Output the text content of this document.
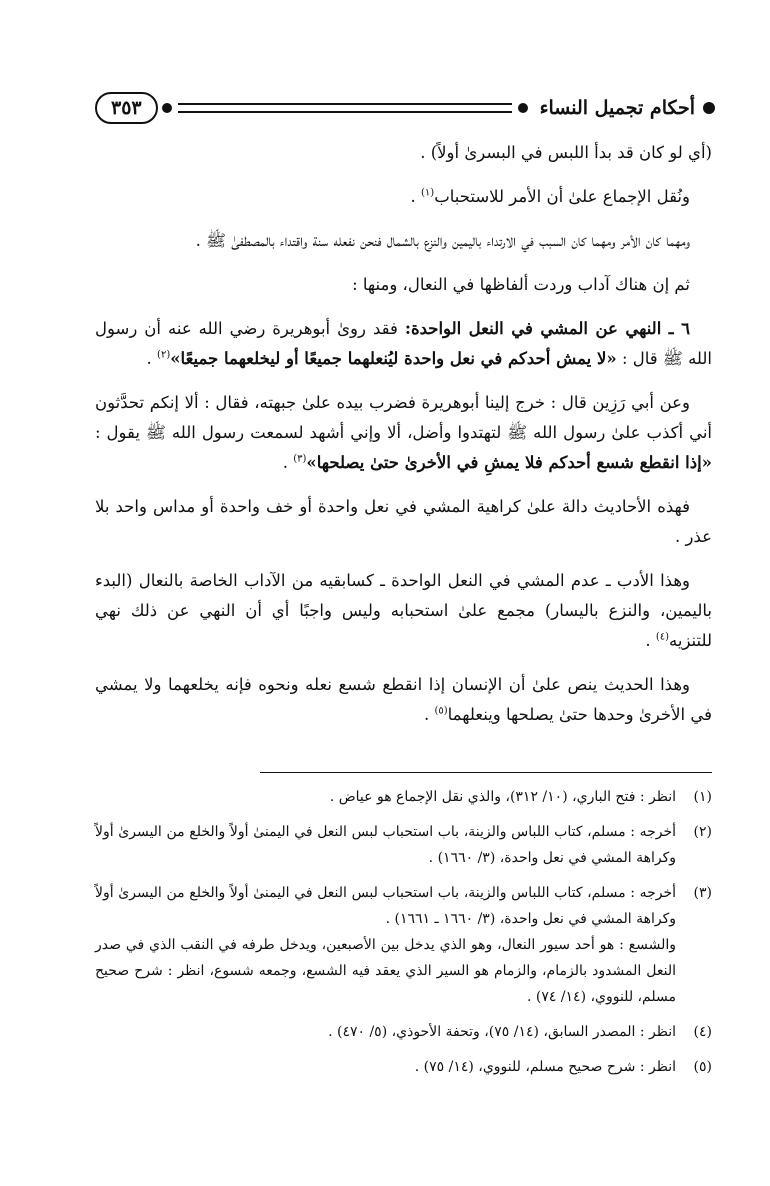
أحكام تجميل النساء
٣٥٣

(أي لو كان قد بدأ اللبس في البسرىٰ أولاً) .

ونُقل الإجماع علىٰ أن الأمر للاستحباب$^{(١)}$ .

ومهما كان الأمر ومهما كان السبب في الارتداء باليمين والنزع بالشمال فنحن نفعله سنة واقتداء بالمصطفىٰ ﷺ .

ثم إن هناك آداب وردت ألفاظها في النعال، ومنها :

٦ ـ النهي عن المشي في النعل الواحدة: فقد روىٰ أبوهريرة رضي الله عنه أن رسول الله ﷺ قال : «لا يمش أحدكم في نعل واحدة ليُنعلهما جميعًا أو ليخلعهما جميعًا»$^{(٢)}$ .

وعن أبي رَزِين قال : خرج إلينا أبوهريرة فضرب بيده علىٰ جبهته، فقال : ألا إنكم تحدَّثون أني أكذب علىٰ رسول الله ﷺ لتهتدوا وأضل، ألا وإني أشهد لسمعت رسول الله ﷺ يقول : «إذا انقطع شسع أحدكم فلا يمشِ في الأخرىٰ حتىٰ يصلحها»$^{(٣)}$ .

فهذه الأحاديث دالة علىٰ كراهية المشي في نعل واحدة أو خف واحدة أو مداس واحد بلا عذر .

وهذا الأدب ـ عدم المشي في النعل الواحدة ـ كسابقيه من الآداب الخاصة بالنعال (البدء باليمين، والنزع باليسار) مجمع علىٰ استحبابه وليس واجبًا أي أن النهي عن ذلك نهي للتنزيه$^{(٤)}$ .

وهذا الحديث ينص علىٰ أن الإنسان إذا انقطع شسع نعله ونحوه فإنه يخلعهما ولا يمشي في الأخرىٰ وحدها حتىٰ يصلحها وينعلهما$^{(٥)}$ .

(١)
انظر : فتح الباري، (١٠/ ٣١٢)، والذي نقل الإجماع هو عياض .
(٢)
أخرجه : مسلم، كتاب اللباس والزينة، باب استحباب لبس النعل في اليمنىٰ أولاً والخلع من اليسرىٰ أولاً وكراهة المشي في نعل واحدة، (٣/ ١٦٦٠) .
(٣)
أخرجه : مسلم، كتاب اللباس والزينة، باب استحباب لبس النعل في اليمنىٰ أولاً والخلع من اليسرىٰ أولاً وكراهة المشي في نعل واحدة، (٣/ ١٦٦٠ ـ ١٦٦١) .
والشسع : هو أحد سيور النعال، وهو الذي يدخل بين الأصبعين، ويدخل طرفه في النقب الذي في صدر النعل المشدود بالزمام، والزمام هو السير الذي يعقد فيه الشسع، وجمعه شسوع، انظر : شرح صحيح مسلم، للنووي، (١٤/ ٧٤) .
(٤)
انظر : المصدر السابق، (١٤/ ٧٥)، وتحفة الأحوذي، (٥/ ٤٧٠) .
(٥)
انظر : شرح صحيح مسلم، للنووي، (١٤/ ٧٥) .
